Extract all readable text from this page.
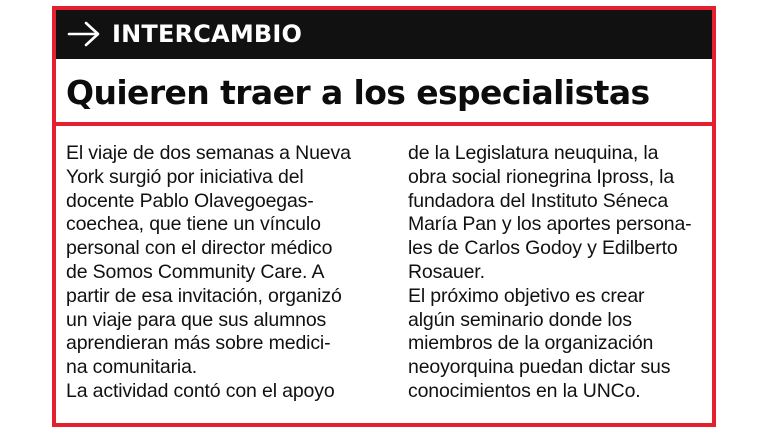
INTERCAMBIO
Quieren traer a los especialistas
El viaje de dos semanas a Nueva
York surgió por iniciativa del
docente Pablo Olavegoegas-
coechea, que tiene un vínculo
personal con el director médico
de Somos Community Care. A
partir de esa invitación, organizó
un viaje para que sus alumnos
aprendieran más sobre medici-
na comunitaria.
La actividad contó con el apoyo
de la Legislatura neuquina, la
obra social rionegrina Ipross, la
fundadora del Instituto Séneca
María Pan y los aportes persona-
les de Carlos Godoy y Edilberto
Rosauer.
El próximo objetivo es crear
algún seminario donde los
miembros de la organización
neoyorquina puedan dictar sus
conocimientos en la UNCo.
